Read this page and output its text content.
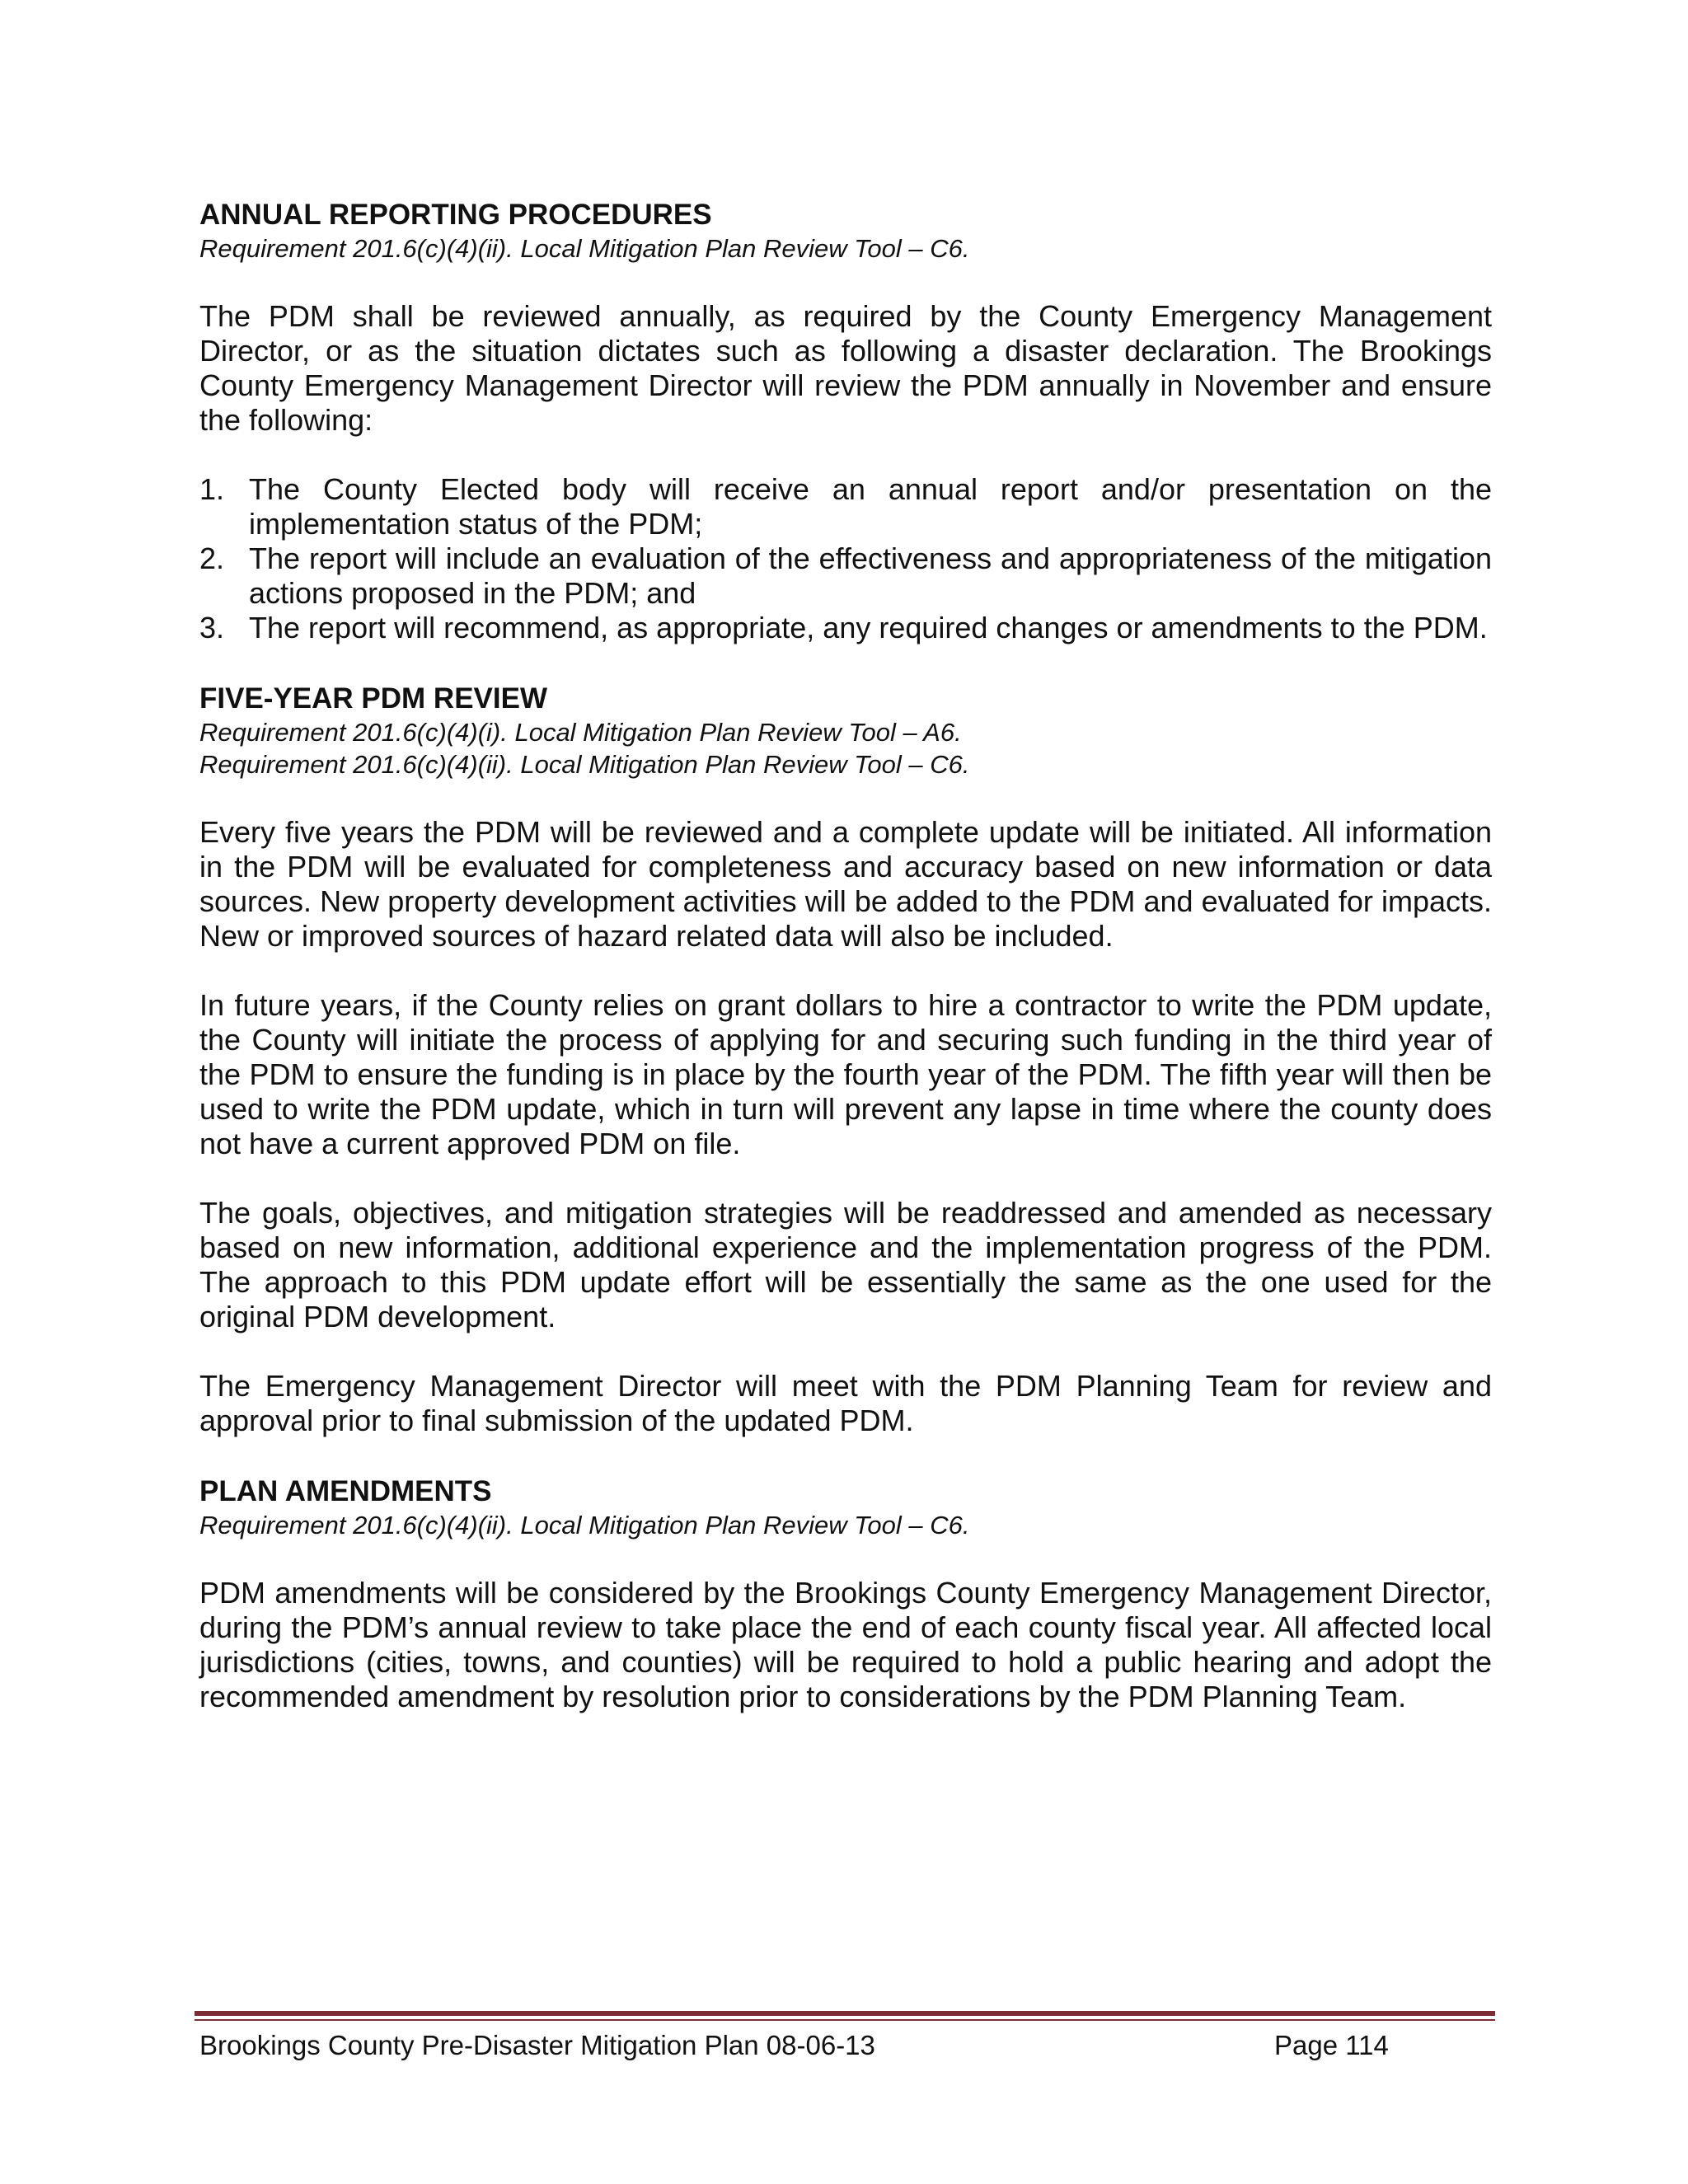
ANNUAL REPORTING PROCEDURES

Requirement 201.6(c)(4)(ii). Local Mitigation Plan Review Tool – C6.

The PDM shall be reviewed annually, as required by the County Emergency Management Director, or as the situation dictates such as following a disaster declaration. The Brookings County Emergency Management Director will review the PDM annually in November and ensure the following:

1. The County Elected body will receive an annual report and/or presentation on the implementation status of the PDM;
2. The report will include an evaluation of the effectiveness and appropriateness of the mitigation actions proposed in the PDM; and
3. The report will recommend, as appropriate, any required changes or amendments to the PDM.

FIVE-YEAR PDM REVIEW

Requirement 201.6(c)(4)(i). Local Mitigation Plan Review Tool – A6.

Requirement 201.6(c)(4)(ii). Local Mitigation Plan Review Tool – C6.

Every five years the PDM will be reviewed and a complete update will be initiated. All information in the PDM will be evaluated for completeness and accuracy based on new information or data sources. New property development activities will be added to the PDM and evaluated for impacts. New or improved sources of hazard related data will also be included.

In future years, if the County relies on grant dollars to hire a contractor to write the PDM update, the County will initiate the process of applying for and securing such funding in the third year of the PDM to ensure the funding is in place by the fourth year of the PDM. The fifth year will then be used to write the PDM update, which in turn will prevent any lapse in time where the county does not have a current approved PDM on file.

The goals, objectives, and mitigation strategies will be readdressed and amended as necessary based on new information, additional experience and the implementation progress of the PDM. The approach to this PDM update effort will be essentially the same as the one used for the original PDM development.

The Emergency Management Director will meet with the PDM Planning Team for review and approval prior to final submission of the updated PDM.

PLAN AMENDMENTS

Requirement 201.6(c)(4)(ii). Local Mitigation Plan Review Tool – C6.

PDM amendments will be considered by the Brookings County Emergency Management Director, during the PDM’s annual review to take place the end of each county fiscal year. All affected local jurisdictions (cities, towns, and counties) will be required to hold a public hearing and adopt the recommended amendment by resolution prior to considerations by the PDM Planning Team.

Brookings County Pre-Disaster Mitigation Plan 08-06-13	Page 114
